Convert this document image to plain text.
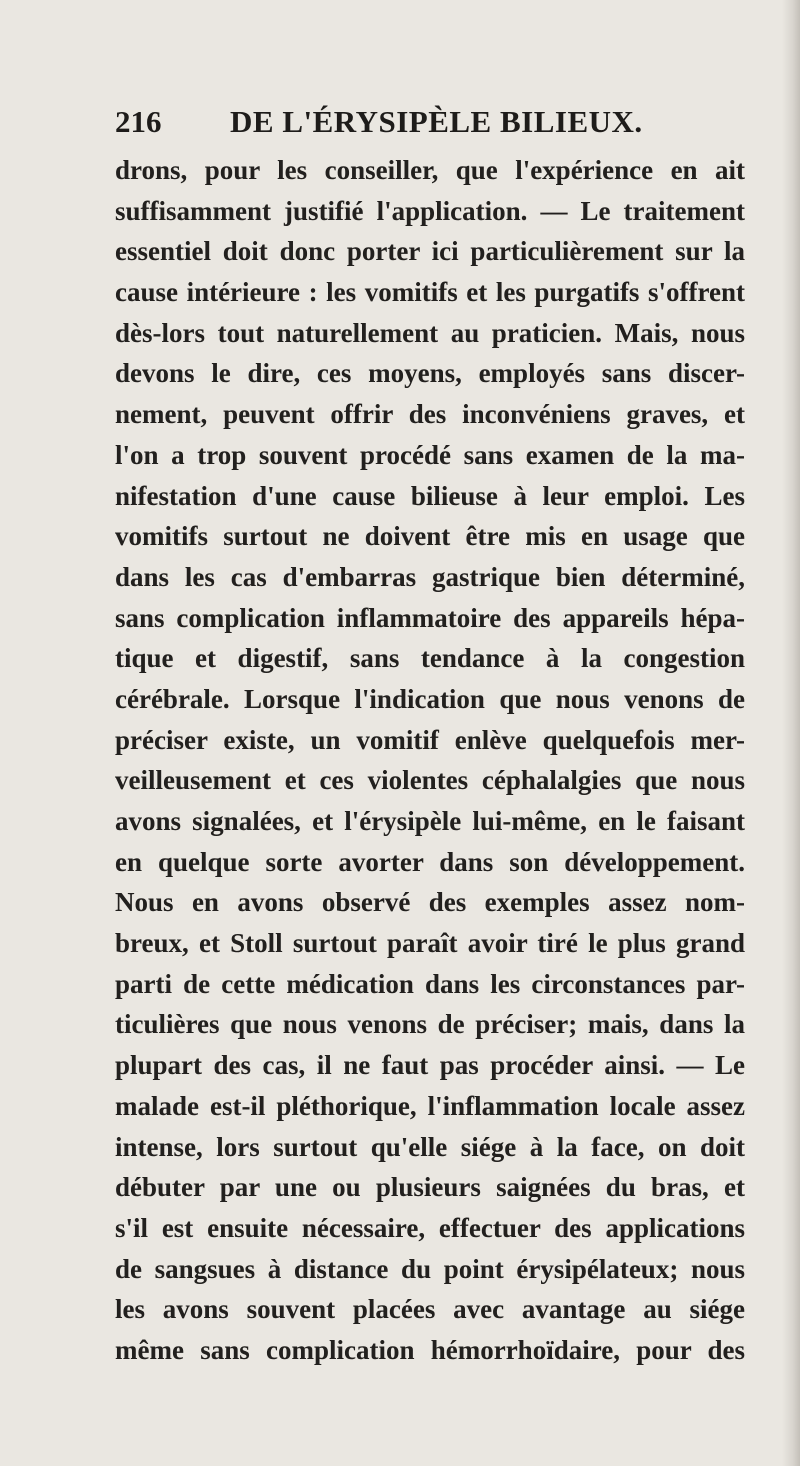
216 DE L'ÉRYSIPÈLE BILIEUX.
drons, pour les conseiller, que l'expérience en ait
suffisamment justifié l'application. — Le traitement
essentiel doit donc porter ici particulièrement sur la
cause intérieure : les vomitifs et les purgatifs s'offrent
dès-lors tout naturellement au praticien. Mais, nous
devons le dire, ces moyens, employés sans discer-
nement, peuvent offrir des inconvéniens graves, et
l'on a trop souvent procédé sans examen de la ma-
nifestation d'une cause bilieuse à leur emploi. Les
vomitifs surtout ne doivent être mis en usage que
dans les cas d'embarras gastrique bien déterminé,
sans complication inflammatoire des appareils hépa-
tique et digestif, sans tendance à la congestion
cérébrale. Lorsque l'indication que nous venons de
préciser existe, un vomitif enlève quelquefois mer-
veilleusement et ces violentes céphalalgies que nous
avons signalées, et l'érysipèle lui-même, en le faisant
en quelque sorte avorter dans son développement.
Nous en avons observé des exemples assez nom-
breux, et Stoll surtout paraît avoir tiré le plus grand
parti de cette médication dans les circonstances par-
ticulières que nous venons de préciser; mais, dans la
plupart des cas, il ne faut pas procéder ainsi. — Le
malade est-il pléthorique, l'inflammation locale assez
intense, lors surtout qu'elle siége à la face, on doit
débuter par une ou plusieurs saignées du bras, et
s'il est ensuite nécessaire, effectuer des applications
de sangsues à distance du point érysipélateux; nous
les avons souvent placées avec avantage au siége
même sans complication hémorrhoïdaire, pour des
